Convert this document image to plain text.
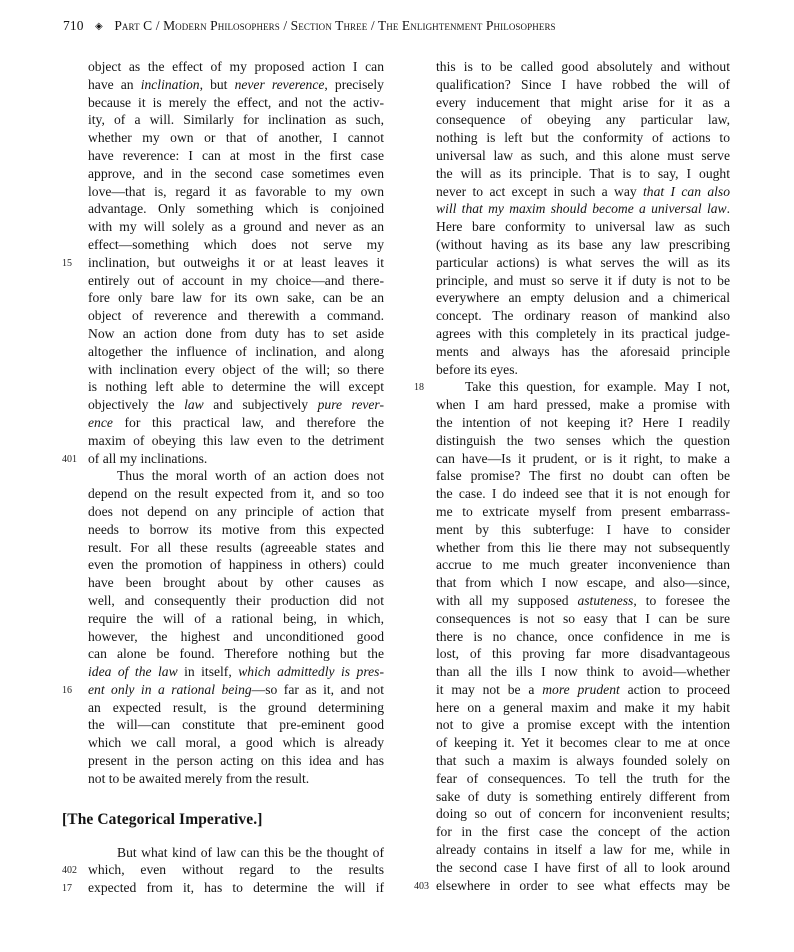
710 ◈ Part C / Modern Philosophers / Section Three / The Enlightenment Philosophers
object as the effect of my proposed action I can
have an inclination, but never reverence, precisely
because it is merely the effect, and not the activ-
ity, of a will. Similarly for inclination as such,
whether my own or that of another, I cannot
have reverence: I can at most in the first case
approve, and in the second case sometimes even
love—that is, regard it as favorable to my own
advantage. Only something which is conjoined
with my will solely as a ground and never as an
effect—something which does not serve my
inclination, but outweighs it or at least leaves it
15
entirely out of account in my choice—and there-
fore only bare law for its own sake, can be an
object of reverence and therewith a command.
Now an action done from duty has to set aside
altogether the influence of inclination, and along
with inclination every object of the will; so there
is nothing left able to determine the will except
objectively the law and subjectively pure rever-
ence for this practical law, and therefore the
maxim of obeying this law even to the detriment
of all my inclinations.
401
Thus the moral worth of an action does not
depend on the result expected from it, and so too
does not depend on any principle of action that
needs to borrow its motive from this expected
result. For all these results (agreeable states and
even the promotion of happiness in others) could
have been brought about by other causes as
well, and consequently their production did not
require the will of a rational being, in which,
however, the highest and unconditioned good
can alone be found. Therefore nothing but the
idea of the law in itself, which admittedly is pres-
ent only in a rational being—so far as it, and not
16
an expected result, is the ground determining
the will—can constitute that pre-eminent good
which we call moral, a good which is already
present in the person acting on this idea and has
not to be awaited merely from the result.
[The Categorical Imperative.]
But what kind of law can this be the thought of
which, even without regard to the results
402
expected from it, has to determine the will if
17
this is to be called good absolutely and without
qualification? Since I have robbed the will of
every inducement that might arise for it as a
consequence of obeying any particular law,
nothing is left but the conformity of actions to
universal law as such, and this alone must serve
the will as its principle. That is to say, I ought
never to act except in such a way that I can also
will that my maxim should become a universal law.
Here bare conformity to universal law as such
(without having as its base any law prescribing
particular actions) is what serves the will as its
principle, and must so serve it if duty is not to be
everywhere an empty delusion and a chimerical
concept. The ordinary reason of mankind also
agrees with this completely in its practical judge-
ments and always has the aforesaid principle
before its eyes.
Take this question, for example. May I not,
18
when I am hard pressed, make a promise with
the intention of not keeping it? Here I readily
distinguish the two senses which the question
can have—Is it prudent, or is it right, to make a
false promise? The first no doubt can often be
the case. I do indeed see that it is not enough for
me to extricate myself from present embarrass-
ment by this subterfuge: I have to consider
whether from this lie there may not subsequently
accrue to me much greater inconvenience than
that from which I now escape, and also—since,
with all my supposed astuteness, to foresee the
consequences is not so easy that I can be sure
there is no chance, once confidence in me is
lost, of this proving far more disadvantageous
than all the ills I now think to avoid—whether
it may not be a more prudent action to proceed
here on a general maxim and make it my habit
not to give a promise except with the intention
of keeping it. Yet it becomes clear to me at once
that such a maxim is always founded solely on
fear of consequences. To tell the truth for the
sake of duty is something entirely different from
doing so out of concern for inconvenient results;
for in the first case the concept of the action
already contains in itself a law for me, while in
the second case I have first of all to look around
elsewhere in order to see what effects may be
403
